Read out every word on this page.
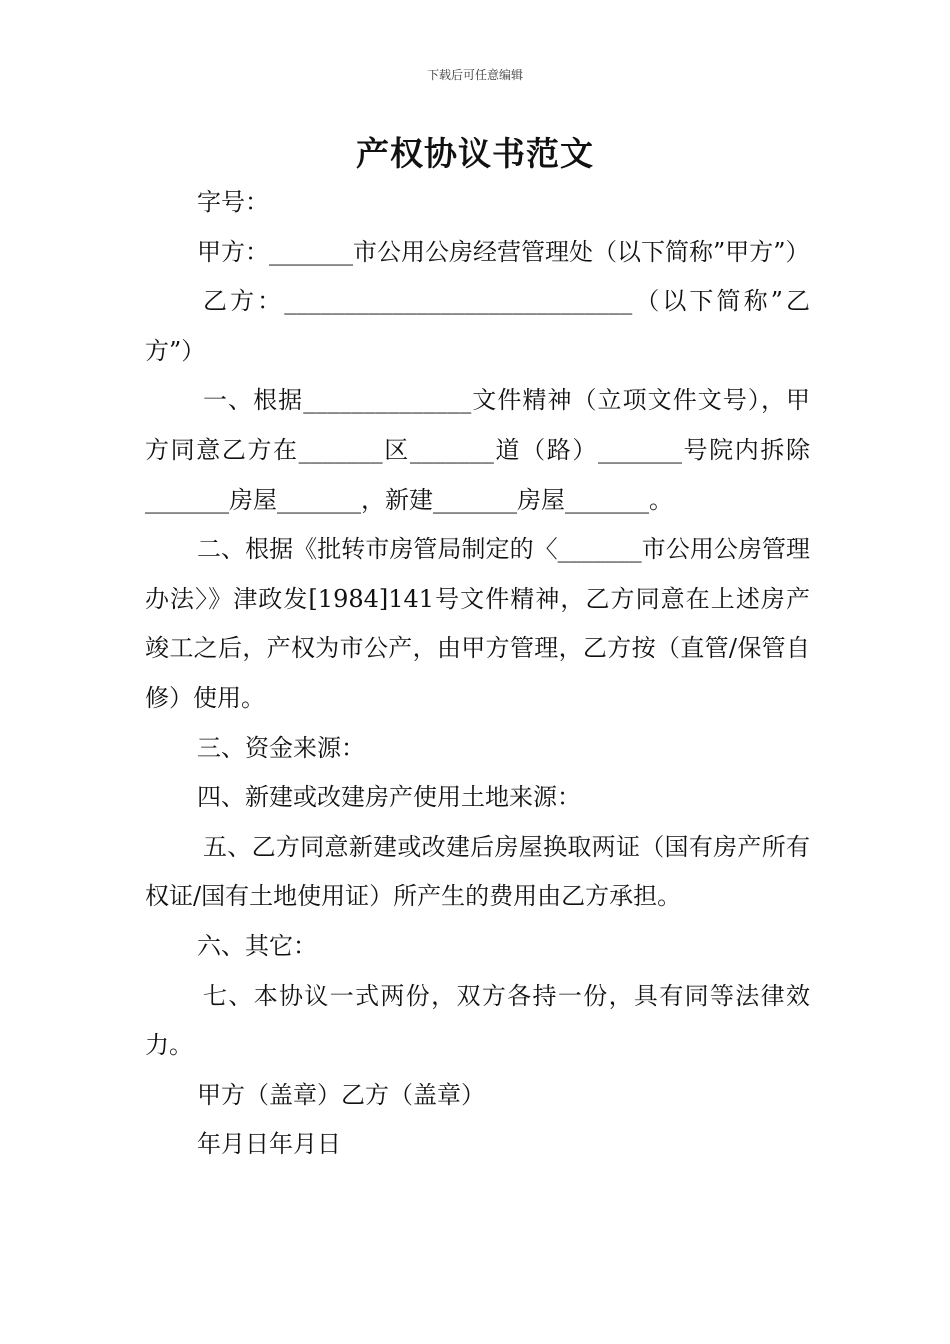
下载后可任意编辑
产权协议书范文

字号：

甲方：_______市公用公房经营管理处（以下简称”甲方”）

乙方：_____________________________（以下简称”乙方”）

一、根据______________文件精神（立项文件文号），甲方同意乙方在_______区_______道（路）_______号院内拆除_______房屋_______，新建_______房屋_______。

二、根据《批转市房管局制定的〈_______市公用公房管理办法〉》津政发[1984]141号文件精神，乙方同意在上述房产竣工之后，产权为市公产，由甲方管理，乙方按（直管/保管自修）使用。

三、资金来源：

四、新建或改建房产使用土地来源：

五、乙方同意新建或改建后房屋换取两证（国有房产所有权证/国有土地使用证）所产生的费用由乙方承担。

六、其它：

七、本协议一式两份，双方各持一份，具有同等法律效力。

甲方（盖章）乙方（盖章）

年月日年月日
